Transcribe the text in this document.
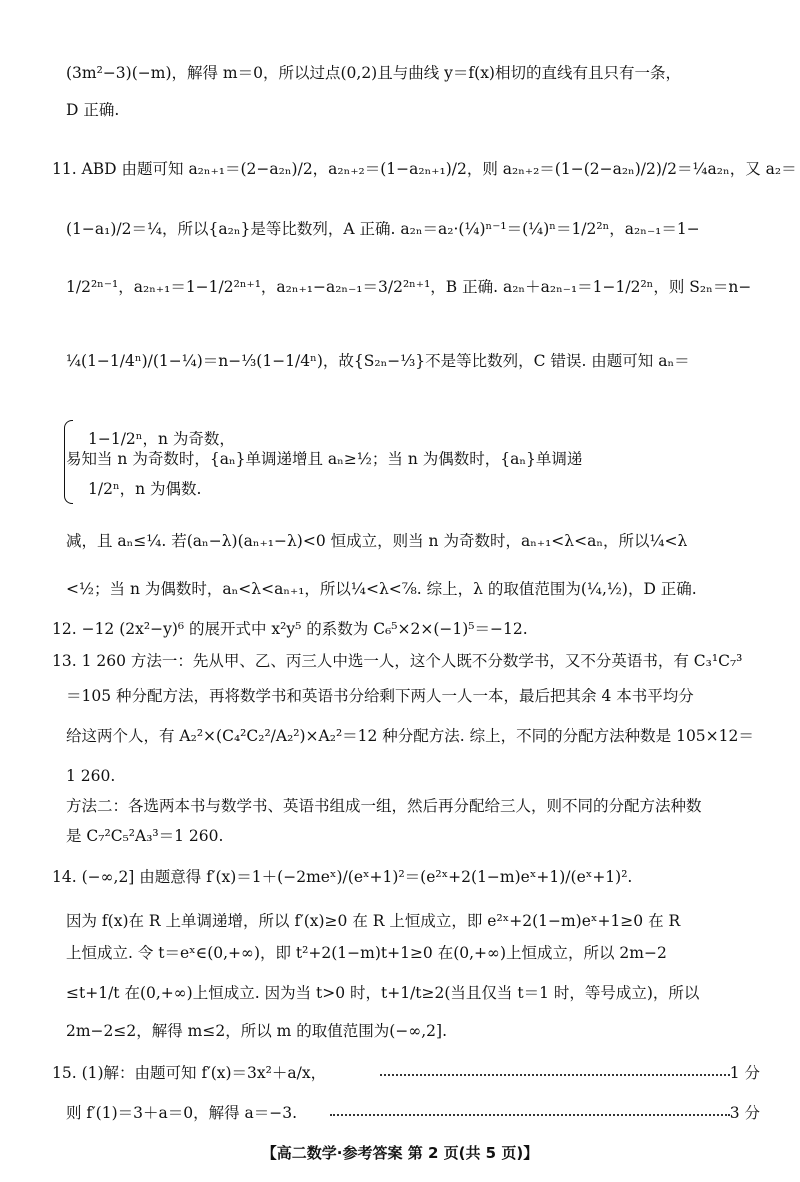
(3m²−3)(−m)，解得 m＝0，所以过点(0,2)且与曲线 y＝f(x)相切的直线有且只有一条，
D 正确.
11. ABD 由题可知 a₂ₙ₊₁＝(2−a₂ₙ)/2，a₂ₙ₊₂＝(1−a₂ₙ₊₁)/2，则 a₂ₙ₊₂＝(1−(2−a₂ₙ)/2)/2＝¼a₂ₙ，又 a₂＝
(1−a₁)/2＝¼，所以{a₂ₙ}是等比数列，A 正确. a₂ₙ＝a₂·(¼)ⁿ⁻¹＝(¼)ⁿ＝1/2²ⁿ，a₂ₙ₋₁＝1−
1/2²ⁿ⁻¹，a₂ₙ₊₁＝1−1/2²ⁿ⁺¹，a₂ₙ₊₁−a₂ₙ₋₁＝3/2²ⁿ⁺¹，B 正确. a₂ₙ＋a₂ₙ₋₁＝1−1/2²ⁿ，则 S₂ₙ＝n−
¼(1−1/4ⁿ)/(1−¼)＝n−⅓(1−1/4ⁿ)，故{S₂ₙ−⅓}不是等比数列，C 错误. 由题可知 aₙ＝
1−1/2ⁿ，n 为奇数，
易知当 n 为奇数时，{aₙ}单调递增且 aₙ≥½；当 n 为偶数时，{aₙ}单调递
1/2ⁿ，n 为偶数.
减，且 aₙ≤¼. 若(aₙ−λ)(aₙ₊₁−λ)<0 恒成立，则当 n 为奇数时，aₙ₊₁<λ<aₙ，所以¼<λ
<½；当 n 为偶数时，aₙ<λ<aₙ₊₁，所以¼<λ<⅞. 综上，λ 的取值范围为(¼,½)，D 正确.
12. −12 (2x²−y)⁶ 的展开式中 x²y⁵ 的系数为 C₆⁵×2×(−1)⁵＝−12.
13. 1 260 方法一：先从甲、乙、丙三人中选一人，这个人既不分数学书，又不分英语书，有 C₃¹C₇³
＝105 种分配方法，再将数学书和英语书分给剩下两人一人一本，最后把其余 4 本书平均分
给这两个人，有 A₂²×(C₄²C₂²/A₂²)×A₂²＝12 种分配方法. 综上，不同的分配方法种数是 105×12＝
1 260.
方法二：各选两本书与数学书、英语书组成一组，然后再分配给三人，则不同的分配方法种数
是 C₇²C₅²A₃³＝1 260.
14. (−∞,2] 由题意得 f′(x)＝1＋(−2meˣ)/(eˣ+1)²＝(e²ˣ+2(1−m)eˣ+1)/(eˣ+1)².
因为 f(x)在 R 上单调递增，所以 f′(x)≥0 在 R 上恒成立，即 e²ˣ+2(1−m)eˣ+1≥0 在 R
上恒成立. 令 t＝eˣ∈(0,+∞)，即 t²+2(1−m)t+1≥0 在(0,+∞)上恒成立，所以 2m−2
≤t+1/t 在(0,+∞)上恒成立. 因为当 t>0 时，t+1/t≥2(当且仅当 t＝1 时，等号成立)，所以
2m−2≤2，解得 m≤2，所以 m 的取值范围为(−∞,2].
15. (1)解：由题可知 f′(x)＝3x²＋a/x，
则 f′(1)＝3＋a＝0，解得 a＝−3.
1 分
3 分
【高二数学·参考答案 第 2 页(共 5 页)】
